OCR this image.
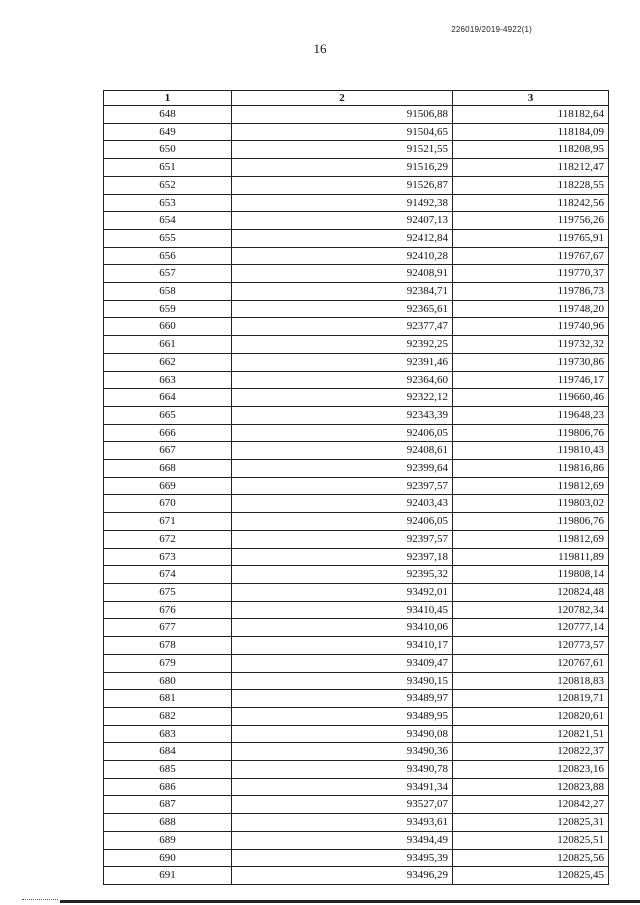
226019/2019-4922(1)
16
1	2	3
648	91506,88	118182,64
649	91504,65	118184,09
650	91521,55	118208,95
651	91516,29	118212,47
652	91526,87	118228,55
653	91492,38	118242,56
654	92407,13	119756,26
655	92412,84	119765,91
656	92410,28	119767,67
657	92408,91	119770,37
658	92384,71	119786,73
659	92365,61	119748,20
660	92377,47	119740,96
661	92392,25	119732,32
662	92391,46	119730,86
663	92364,60	119746,17
664	92322,12	119660,46
665	92343,39	119648,23
666	92406,05	119806,76
667	92408,61	119810,43
668	92399,64	119816,86
669	92397,57	119812,69
670	92403,43	119803,02
671	92406,05	119806,76
672	92397,57	119812,69
673	92397,18	119811,89
674	92395,32	119808,14
675	93492,01	120824,48
676	93410,45	120782,34
677	93410,06	120777,14
678	93410,17	120773,57
679	93409,47	120767,61
680	93490,15	120818,83
681	93489,97	120819,71
682	93489,95	120820,61
683	93490,08	120821,51
684	93490,36	120822,37
685	93490,78	120823,16
686	93491,34	120823,88
687	93527,07	120842,27
688	93493,61	120825,31
689	93494,49	120825,51
690	93495,39	120825,56
691	93496,29	120825,45
